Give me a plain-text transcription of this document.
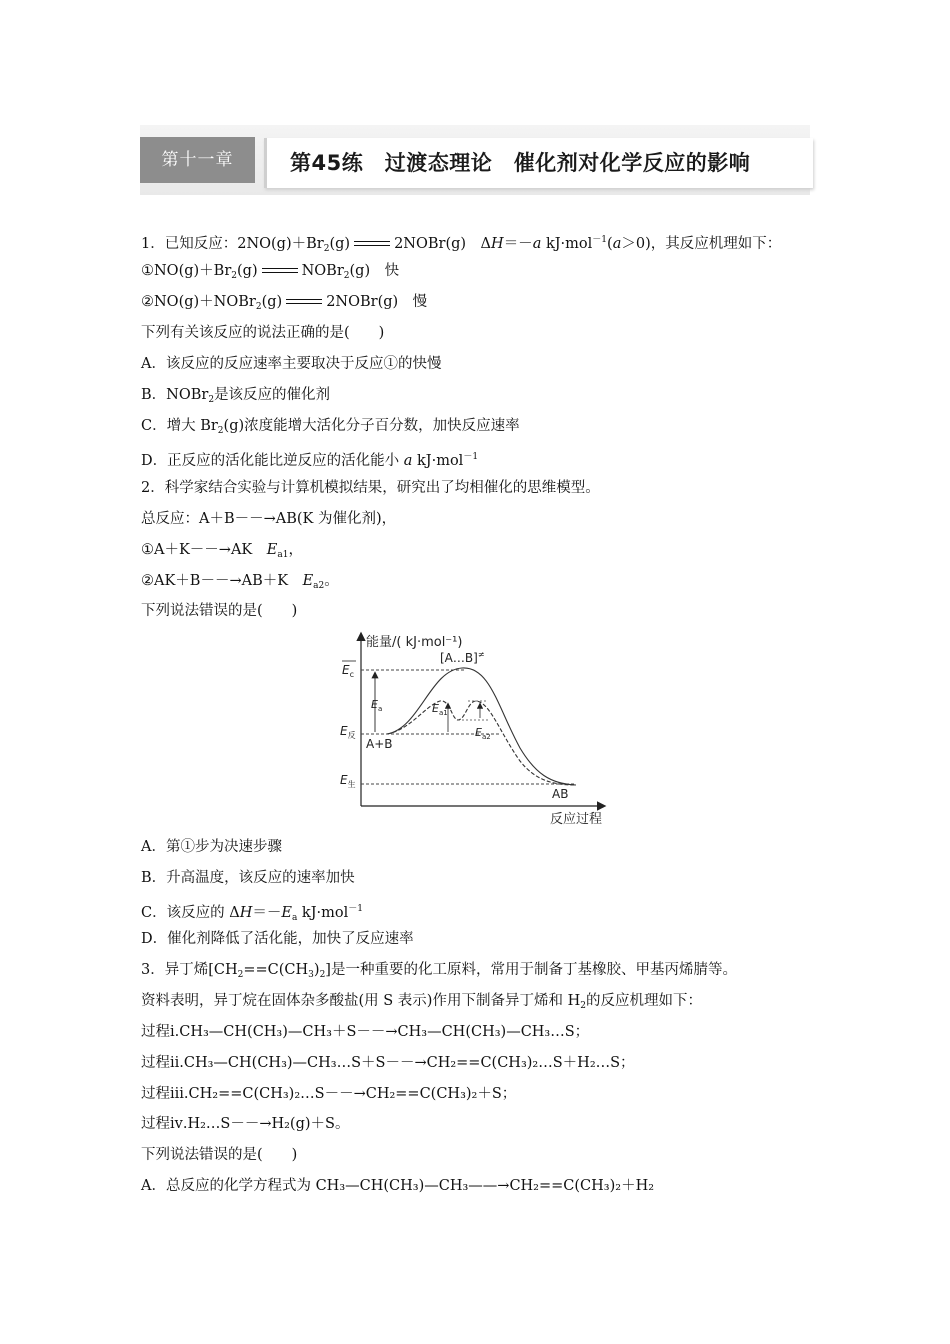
第十一章	第45练　过渡态理论　催化剂对化学反应的影响
1．已知反应：$2NO(g)+Br_2(g)$	2NOBr(g)　ΔH＝－a kJ·mol$^{-1}$(a＞0)，其反应机理如下：
$①NO(g)+Br_2(g)$	NOBr$_2$(g)　快
②NO(g)＋NOBr$_2$(g)	2NOBr(g)　慢
下列有关该反应的说法正确的是(　　)
A．该反应的反应速率主要取决于反应①的快慢
B．NOBr$_2$是该反应的催化剂
C．增大 $Br_2(g)$浓度能增大活化分子百分数，加快反应速率
D．正反应的活化能比逆反应的活化能小 a kJ·mol$^{-1}$
2．科学家结合实验与计算机模拟结果，研究出了均相催化的思维模型。
总反应：A＋B－－→AB(K 为催化剂)，
①A＋K－－→AK　$E_{a1}$，
②AK＋B－－→AB＋K　$E_{a2}$。
下列说法错误的是(　　)
能量/( kJ·mol⁻¹)
反应过程
$E_c$
$E_反$
$E_生$
$E_a$	$E_{a1}$
$E_{a2}$
[A…B]≠
A+B
AB
A．第①步为决速步骤
B．升高温度，该反应的速率加快
C．该反应的 $\Delta H=-E_a$ kJ·mol$^{-1}$
D．催化剂降低了活化能，加快了反应速率
3．异丁烯$[CH_2==C(CH_3)_2]$是一种重要的化工原料，常用于制备丁基橡胶、甲基丙烯腈等。
资料表明，异丁烷在固体杂多酸盐(用 S 表示)作用下制备异丁烯和 $H_2$的反应机理如下：
过程ⅰ.CH₃—CH(CH₃)—CH₃＋S－－→CH₃—CH(CH₃)—CH₃…S；
过程ⅱ.CH₃—CH(CH₃)—CH₃…S＋S－－→CH₂==C(CH₃)₂…S＋H₂…S；
过程ⅲ.CH₂==C(CH₃)₂…S－－→CH₂==C(CH₃)₂＋S；
过程ⅳ.H₂…S－－→H₂(g)＋S。
下列说法错误的是(　　)
A．总反应的化学方程式为 CH₃—CH(CH₃)—CH₃——→CH₂==C(CH₃)₂＋H₂
